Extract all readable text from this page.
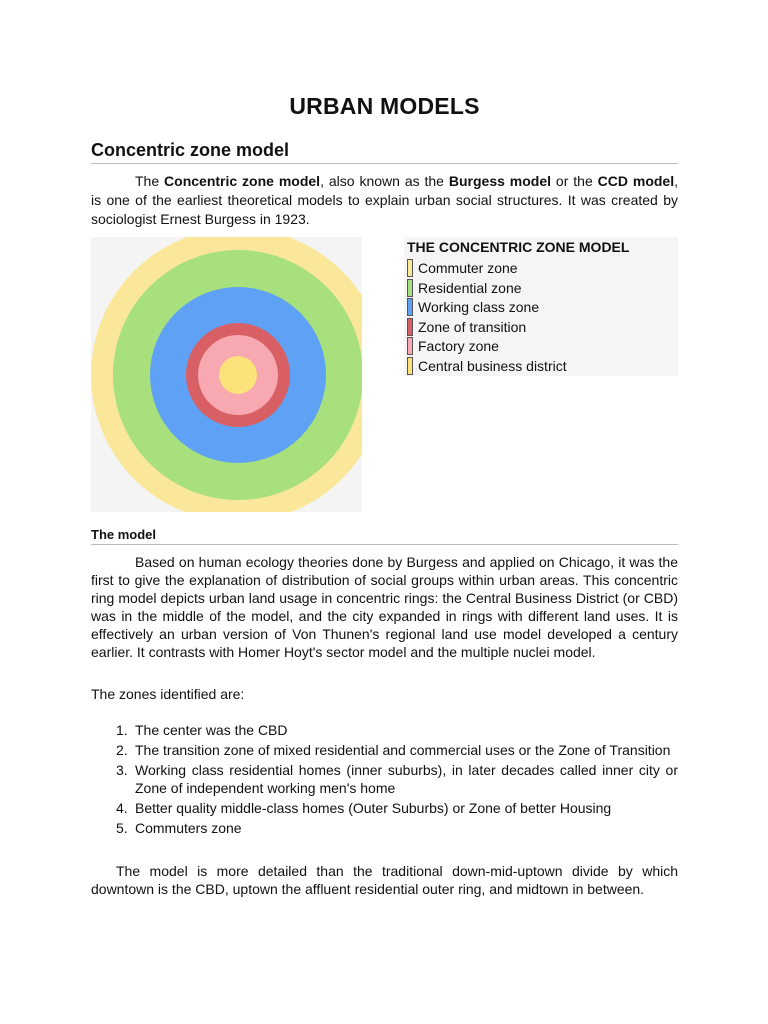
URBAN MODELS
Concentric zone model

The Concentric zone model, also known as the Burgess model or the CCD model, is one of the earliest theoretical models to explain urban social structures. It was created by sociologist Ernest Burgess in 1923.

THE CONCENTRIC ZONE MODEL
Commuter zone
Residential zone
Working class zone
Zone of transition
Factory zone
Central business district
The model

Based on human ecology theories done by Burgess and applied on Chicago, it was the first to give the explanation of distribution of social groups within urban areas. This concentric ring model depicts urban land usage in concentric rings: the Central Business District (or CBD) was in the middle of the model, and the city expanded in rings with different land uses. It is effectively an urban version of Von Thunen's regional land use model developed a century earlier. It contrasts with Homer Hoyt's sector model and the multiple nuclei model.

The zones identified are:

1. The center was the CBD
2. The transition zone of mixed residential and commercial uses or the Zone of Transition
3. Working class residential homes (inner suburbs), in later decades called inner city or Zone of independent working men's home
4. Better quality middle-class homes (Outer Suburbs) or Zone of better Housing
5. Commuters zone

The model is more detailed than the traditional down-mid-uptown divide by which downtown is the CBD, uptown the affluent residential outer ring, and midtown in between.
